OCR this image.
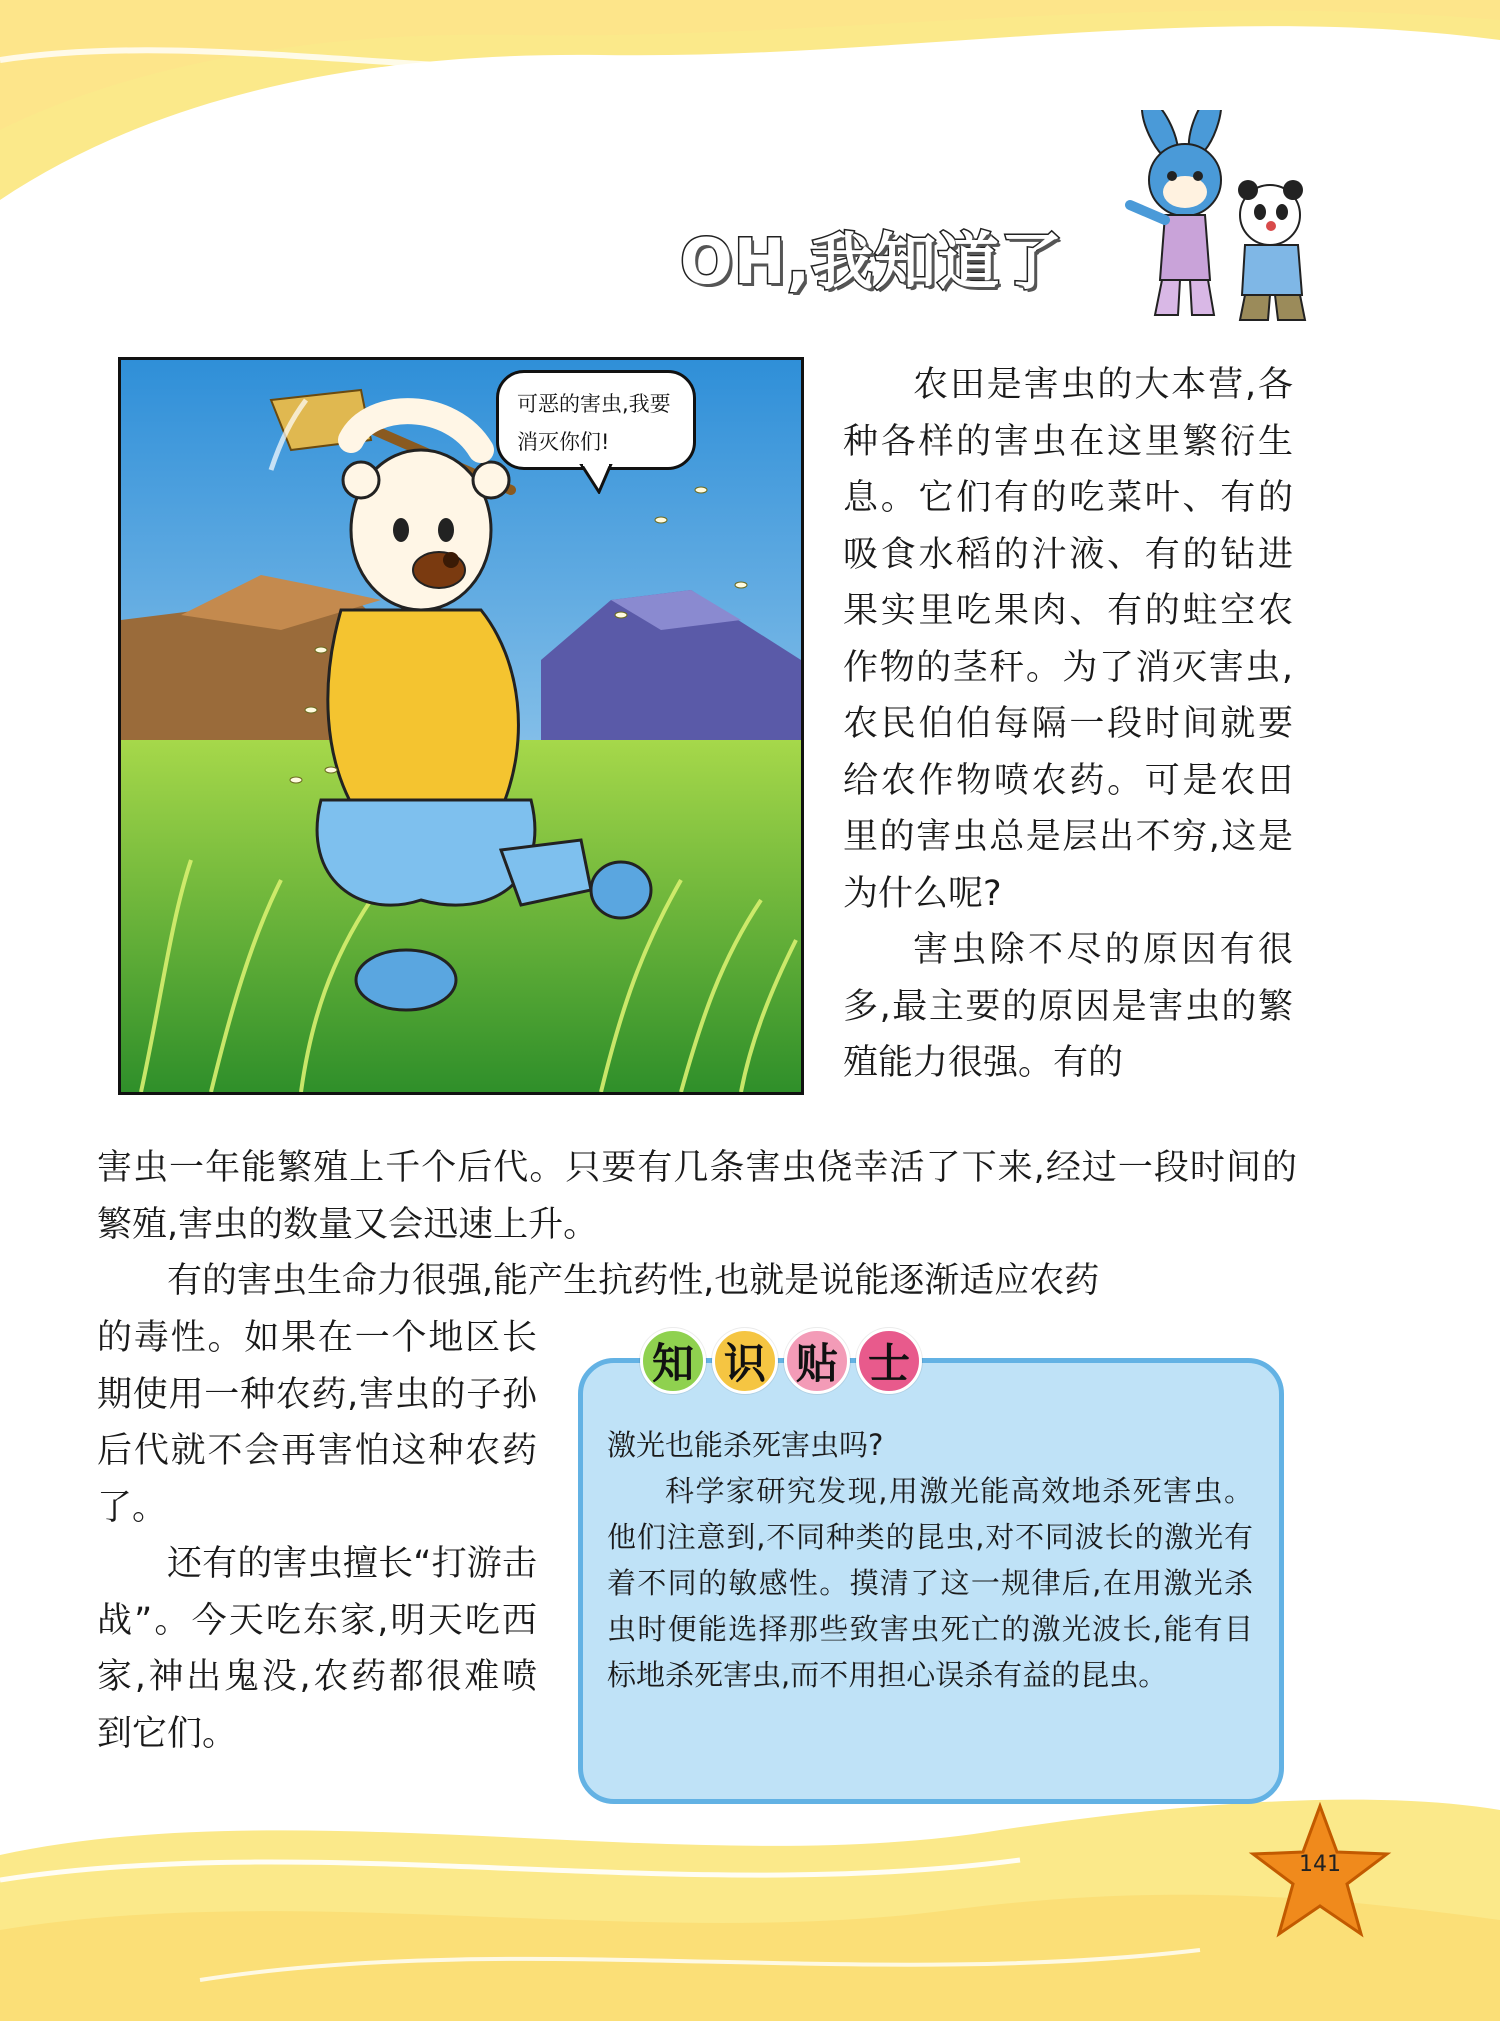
OH,我知道了
可恶的害虫,我要消灭你们!
农田是害虫的大本营,各种各样的害虫在这里繁衍生息。它们有的吃菜叶、有的吸食水稻的汁液、有的钻进果实里吃果肉、有的蛀空农作物的茎秆。为了消灭害虫,农民伯伯每隔一段时间就要给农作物喷农药。可是农田里的害虫总是层出不穷,这是为什么呢?
害虫除不尽的原因有很多,最主要的原因是害虫的繁殖能力很强。有的
害虫一年能繁殖上千个后代。只要有几条害虫侥幸活了下来,经过一段时间的繁殖,害虫的数量又会迅速上升。
有的害虫生命力很强,能产生抗药性,也就是说能逐渐适应农药
的毒性。如果在一个地区长期使用一种农药,害虫的子孙后代就不会再害怕这种农药了。
还有的害虫擅长“打游击战”。今天吃东家,明天吃西家,神出鬼没,农药都很难喷到它们。
知 识 贴 士
激光也能杀死害虫吗?
科学家研究发现,用激光能高效地杀死害虫。他们注意到,不同种类的昆虫,对不同波长的激光有着不同的敏感性。摸清了这一规律后,在用激光杀虫时便能选择那些致害虫死亡的激光波长,能有目标地杀死害虫,而不用担心误杀有益的昆虫。
141
